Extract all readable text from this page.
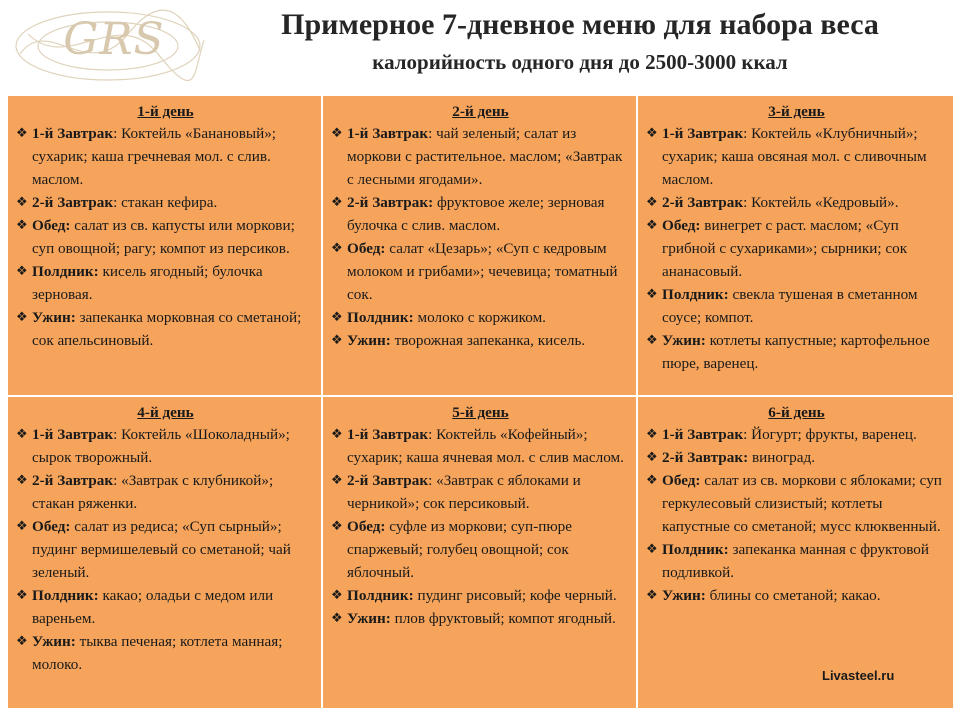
GRS	Примерное 7-дневное меню для набора веса
калорийность одного дня до 2500-3000 ккал
1-й день
❖ 1-й Завтрак: Коктейль «Банановый»; сухарик; каша гречневая мол. с слив. маслом.
❖ 2-й Завтрак: стакан кефира.
❖ Обед: салат из св. капусты или моркови; суп овощной; рагу; компот из персиков.
❖ Полдник: кисель ягодный; булочка зерновая.
❖ Ужин: запеканка морковная со сметаной; сок апельсиновый.
2-й день
❖ 1-й Завтрак: чай зеленый; салат из моркови с растительное. маслом; «Завтрак с лесными ягодами».
❖ 2-й Завтрак: фруктовое желе; зерновая булочка с слив. маслом.
❖ Обед: салат «Цезарь»; «Суп с кедровым молоком и грибами»; чечевица; томатный сок.
❖ Полдник: молоко с коржиком.
❖ Ужин: творожная запеканка, кисель.
3-й день
❖ 1-й Завтрак: Коктейль «Клубничный»; сухарик; каша овсяная мол. с сливочным маслом.
❖ 2-й Завтрак: Коктейль «Кедровый».
❖ Обед: винегрет с раст. маслом; «Суп грибной с сухариками»; сырники; сок ананасовый.
❖ Полдник: свекла тушеная в сметанном соусе; компот.
❖ Ужин: котлеты капустные; картофельное пюре, варенец.
4-й день
❖ 1-й Завтрак: Коктейль «Шоколадный»; сырок творожный.
❖ 2-й Завтрак: «Завтрак с клубникой»; стакан ряженки.
❖ Обед: салат из редиса; «Суп сырный»; пудинг вермишелевый со сметаной; чай зеленый.
❖ Полдник: какао; оладьи с медом или вареньем.
❖ Ужин: тыква печеная; котлета манная; молоко.
5-й день
❖ 1-й Завтрак: Коктейль «Кофейный»; сухарик; каша ячневая мол. с слив маслом.
❖ 2-й Завтрак: «Завтрак с яблоками и черникой»; сок персиковый.
❖ Обед: суфле из моркови; суп-пюре спаржевый; голубец овощной; сок яблочный.
❖ Полдник: пудинг рисовый; кофе черный.
❖ Ужин: плов фруктовый; компот ягодный.
6-й день
❖ 1-й Завтрак: Йогурт; фрукты, варенец.
❖ 2-й Завтрак: виноград.
❖ Обед: салат из св. моркови с яблоками; суп геркулесовый слизистый; котлеты капустные со сметаной; мусс клюквенный.
❖ Полдник: запеканка манная с фруктовой подливкой.
❖ Ужин: блины со сметаной; какао.
Livasteel.ru
